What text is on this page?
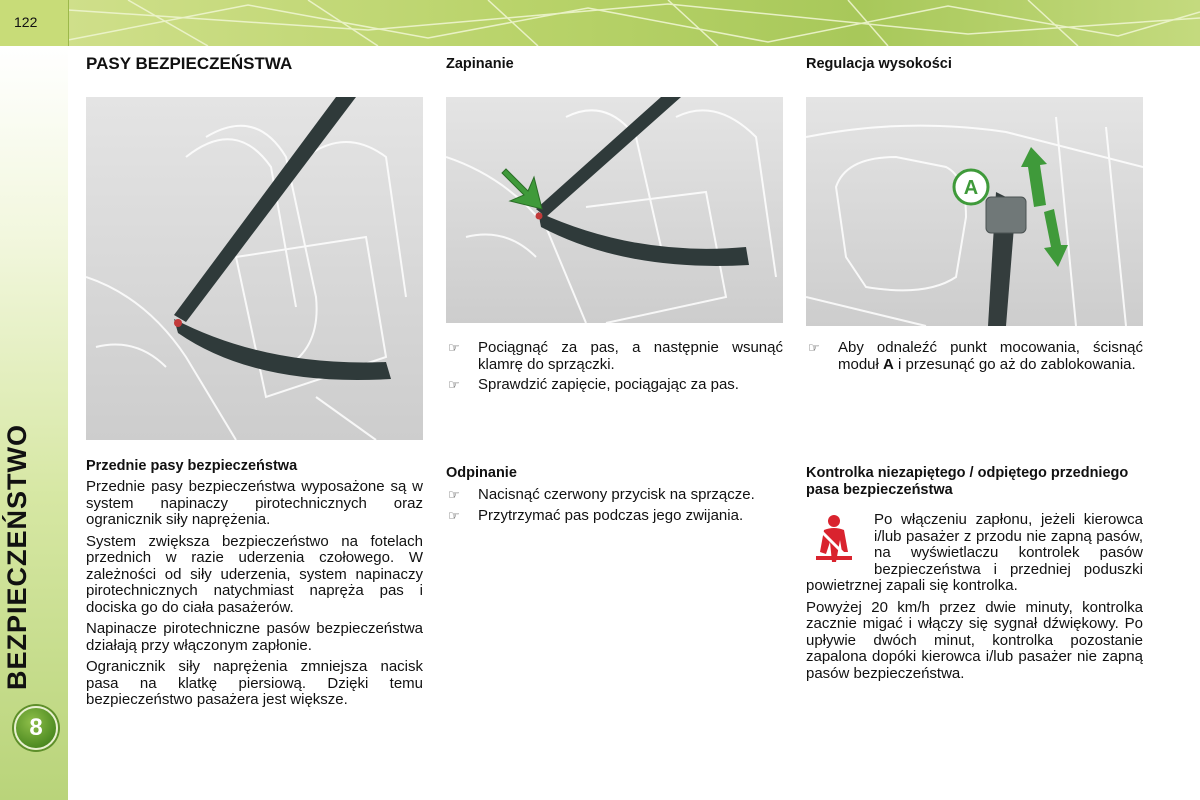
122
BEZPIECZEŃSTWO
8
PASY BEZPIECZEŃSTWA
Przednie pasy bezpieczeństwa

Przednie pasy bezpieczeństwa wyposażone są w system napinaczy pirotechnicznych oraz ogranicznik siły naprężenia.

System zwiększa bezpieczeństwo na fotelach przednich w razie uderzenia czołowego. W zależności od siły uderzenia, system napinaczy pirotechnicznych natychmiast napręża pas i dociska go do ciała pasażerów.

Napinacze pirotechniczne pasów bezpieczeństwa działają przy włączonym zapłonie.

Ogranicznik siły naprężenia zmniejsza nacisk pasa na klatkę piersiową. Dzięki temu bezpieczeństwo pasażera jest większe.

Zapinanie
☞ Pociągnąć za pas, a następnie wsunąć klamrę do sprzączki.
☞ Sprawdzić zapięcie, pociągając za pas.
Odpinanie
☞ Nacisnąć czerwony przycisk na sprzącze.
☞ Przytrzymać pas podczas jego zwijania.
Regulacja wysokości
A
☞ Aby odnaleźć punkt mocowania, ścisnąć moduł A i przesunąć go aż do zablokowania.
Kontrolka niezapiętego / odpiętego przedniego pasa bezpieczeństwa

Po włączeniu zapłonu, jeżeli kierowca i/lub pasażer z przodu nie zapną pasów, na wyświetlaczu kontrolek pasów bezpieczeństwa i przedniej poduszki powietrznej zapali się kontrolka.

Powyżej 20 km/h przez dwie minuty, kontrolka zacznie migać i włączy się sygnał dźwiękowy. Po upływie dwóch minut, kontrolka pozostanie zapalona dopóki kierowca i/lub pasażer nie zapną pasów bezpieczeństwa.
